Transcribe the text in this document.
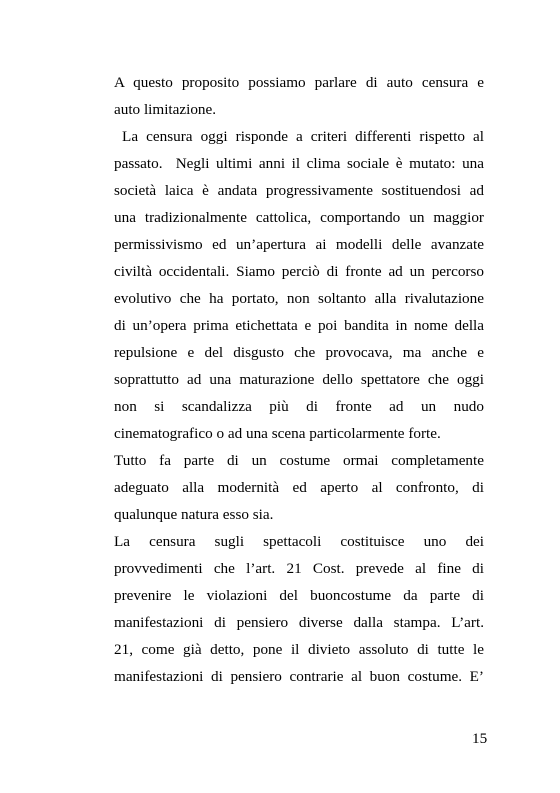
A questo proposito possiamo parlare di auto censura e
auto limitazione.
La censura oggi risponde a criteri differenti rispetto al
passato.  Negli ultimi anni il clima sociale è mutato: una
società laica è andata progressivamente sostituendosi ad
una tradizionalmente cattolica, comportando un maggior
permissivismo ed un’apertura ai modelli delle avanzate
civiltà occidentali. Siamo perciò di fronte ad un percorso
evolutivo che ha portato, non soltanto alla rivalutazione
di un’opera prima etichettata e poi bandita in nome della
repulsione e del disgusto che provocava, ma anche e
soprattutto ad una maturazione dello spettatore che oggi
non si scandalizza più di fronte ad un nudo
cinematografico o ad una scena particolarmente forte.
Tutto fa parte di un costume ormai completamente
adeguato alla modernità ed aperto al confronto, di
qualunque natura esso sia.
La censura sugli spettacoli costituisce uno dei
provvedimenti che l’art. 21 Cost. prevede al fine di
prevenire le violazioni del buoncostume da parte di
manifestazioni di pensiero diverse dalla stampa. L’art.
21, come già detto, pone il divieto assoluto di tutte le
manifestazioni di pensiero contrarie al buon costume. E’
15
